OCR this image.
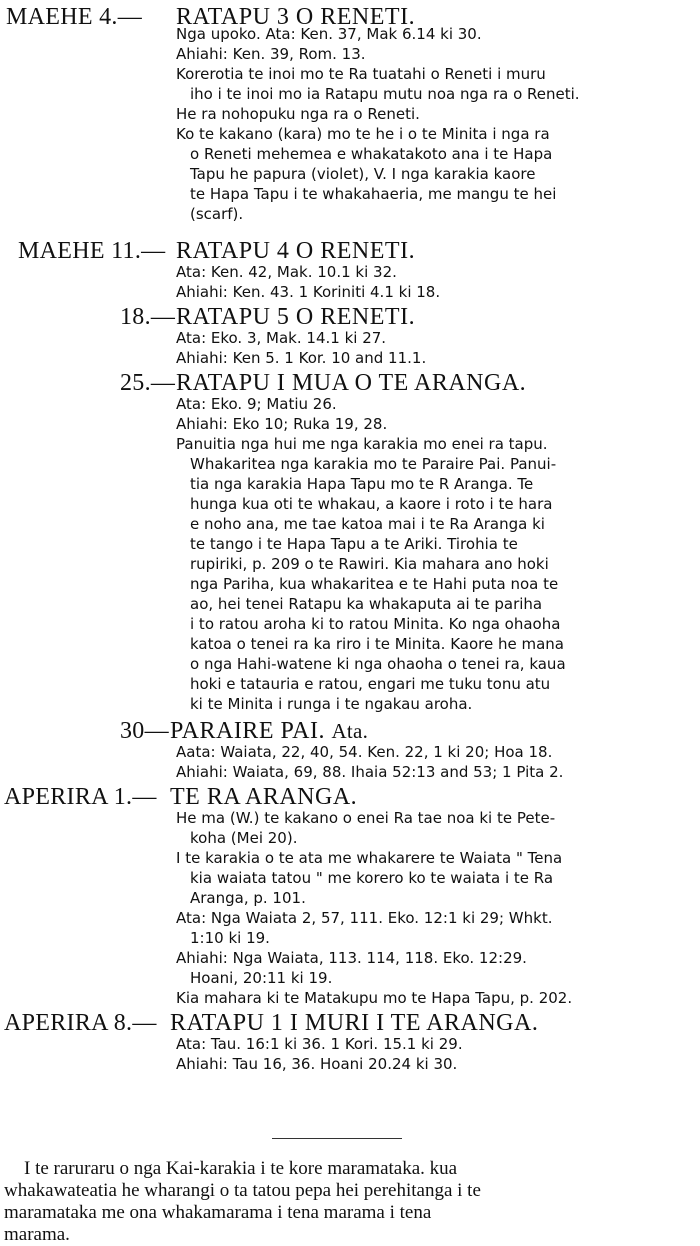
MAEHE 4.— RATAPU 3 O RENETI.
Nga upoko. Ata: Ken. 37, Mak 6.14 ki 30.
Ahiahi: Ken. 39, Rom. 13.
Korerotia te inoi mo te Ra tuatahi o Reneti i muru
iho i te inoi mo ia Ratapu mutu noa nga ra o Reneti.
He ra nohopuku nga ra o Reneti.
Ko te kakano (kara) mo te he i o te Minita i nga ra
o Reneti mehemea e whakatakoto ana i te Hapa
Tapu he papura (violet), V. I nga karakia kaore
te Hapa Tapu i te whakahaeria, me mangu te hei
(scarf).
MAEHE 11.— RATAPU 4 O RENETI.
Ata: Ken. 42, Mak. 10.1 ki 32.
Ahiahi: Ken. 43. 1 Koriniti 4.1 ki 18.
18.— RATAPU 5 O RENETI.
Ata: Eko. 3, Mak. 14.1 ki 27.
Ahiahi: Ken 5. 1 Kor. 10 and 11.1.
25.— RATAPU I MUA O TE ARANGA.
Ata: Eko. 9; Matiu 26.
Ahiahi: Eko 10; Ruka 19, 28.
Panuitia nga hui me nga karakia mo enei ra tapu.
Whakaritea nga karakia mo te Paraire Pai. Panui-
tia nga karakia Hapa Tapu mo te R Aranga. Te
hunga kua oti te whakau, a kaore i roto i te hara
e noho ana, me tae katoa mai i te Ra Aranga ki
te tango i te Hapa Tapu a te Ariki. Tirohia te
rupiriki, p. 209 o te Rawiri. Kia mahara ano hoki
nga Pariha, kua whakaritea e te Hahi puta noa te
ao, hei tenei Ratapu ka whakaputa ai te pariha
i to ratou aroha ki to ratou Minita. Ko nga ohaoha
katoa o tenei ra ka riro i te Minita. Kaore he mana
o nga Hahi-watene ki nga ohaoha o tenei ra, kaua
hoki e tatauria e ratou, engari me tuku tonu atu
ki te Minita i runga i te ngakau aroha.
30— PARAIRE PAI. Ata.
Aata: Waiata, 22, 40, 54. Ken. 22, 1 ki 20; Hoa 18.
Ahiahi: Waiata, 69, 88. Ihaia 52:13 and 53; 1 Pita 2.
APERIRA 1.— TE RA ARANGA.
He ma (W.) te kakano o enei Ra tae noa ki te Pete-
koha (Mei 20).
I te karakia o te ata me whakarere te Waiata " Tena
kia waiata tatou " me korero ko te waiata i te Ra
Aranga, p. 101.
Ata: Nga Waiata 2, 57, 111. Eko. 12:1 ki 29; Whkt.
1:10 ki 19.
Ahiahi: Nga Waiata, 113. 114, 118. Eko. 12:29.
Hoani, 20:11 ki 19.
Kia mahara ki te Matakupu mo te Hapa Tapu, p. 202.
APERIRA 8.— RATAPU 1 I MURI I TE ARANGA.
Ata: Tau. 16:1 ki 36. 1 Kori. 15.1 ki 29.
Ahiahi: Tau 16, 36. Hoani 20.24 ki 30.
I te raruraru o nga Kai-karakia i te kore maramataka. kua
whakawateatia he wharangi o ta tatou pepa hei perehitanga i te
maramataka me ona whakamarama i tena marama i tena
marama.
